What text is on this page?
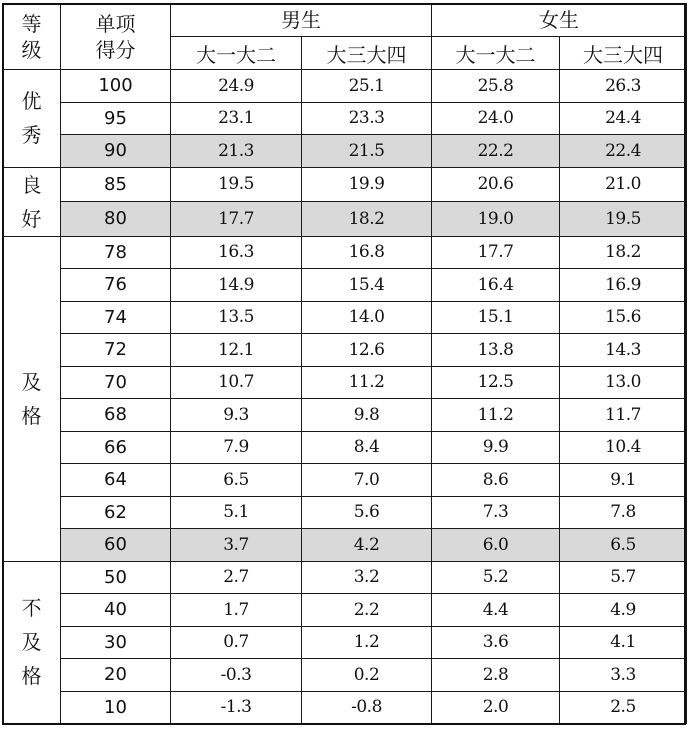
等级	单项得分	男生		女生	
		大一大二	大三大四	大一大二	大三大四
优秀	100	24.9	25.1	25.8	26.3
	95	23.1	23.3	24.0	24.4
	90	21.3	21.5	22.2	22.4
良好	85	19.5	19.9	20.6	21.0
	80	17.7	18.2	19.0	19.5
及格	78	16.3	16.8	17.7	18.2
	76	14.9	15.4	16.4	16.9
	74	13.5	14.0	15.1	15.6
	72	12.1	12.6	13.8	14.3
	70	10.7	11.2	12.5	13.0
	68	9.3	9.8	11.2	11.7
	66	7.9	8.4	9.9	10.4
	64	6.5	7.0	8.6	9.1
	62	5.1	5.6	7.3	7.8
	60	3.7	4.2	6.0	6.5
不及格	50	2.7	3.2	5.2	5.7
	40	1.7	2.2	4.4	4.9
	30	0.7	1.2	3.6	4.1
	20	-0.3	0.2	2.8	3.3
	10	-1.3	-0.8	2.0	2.5
